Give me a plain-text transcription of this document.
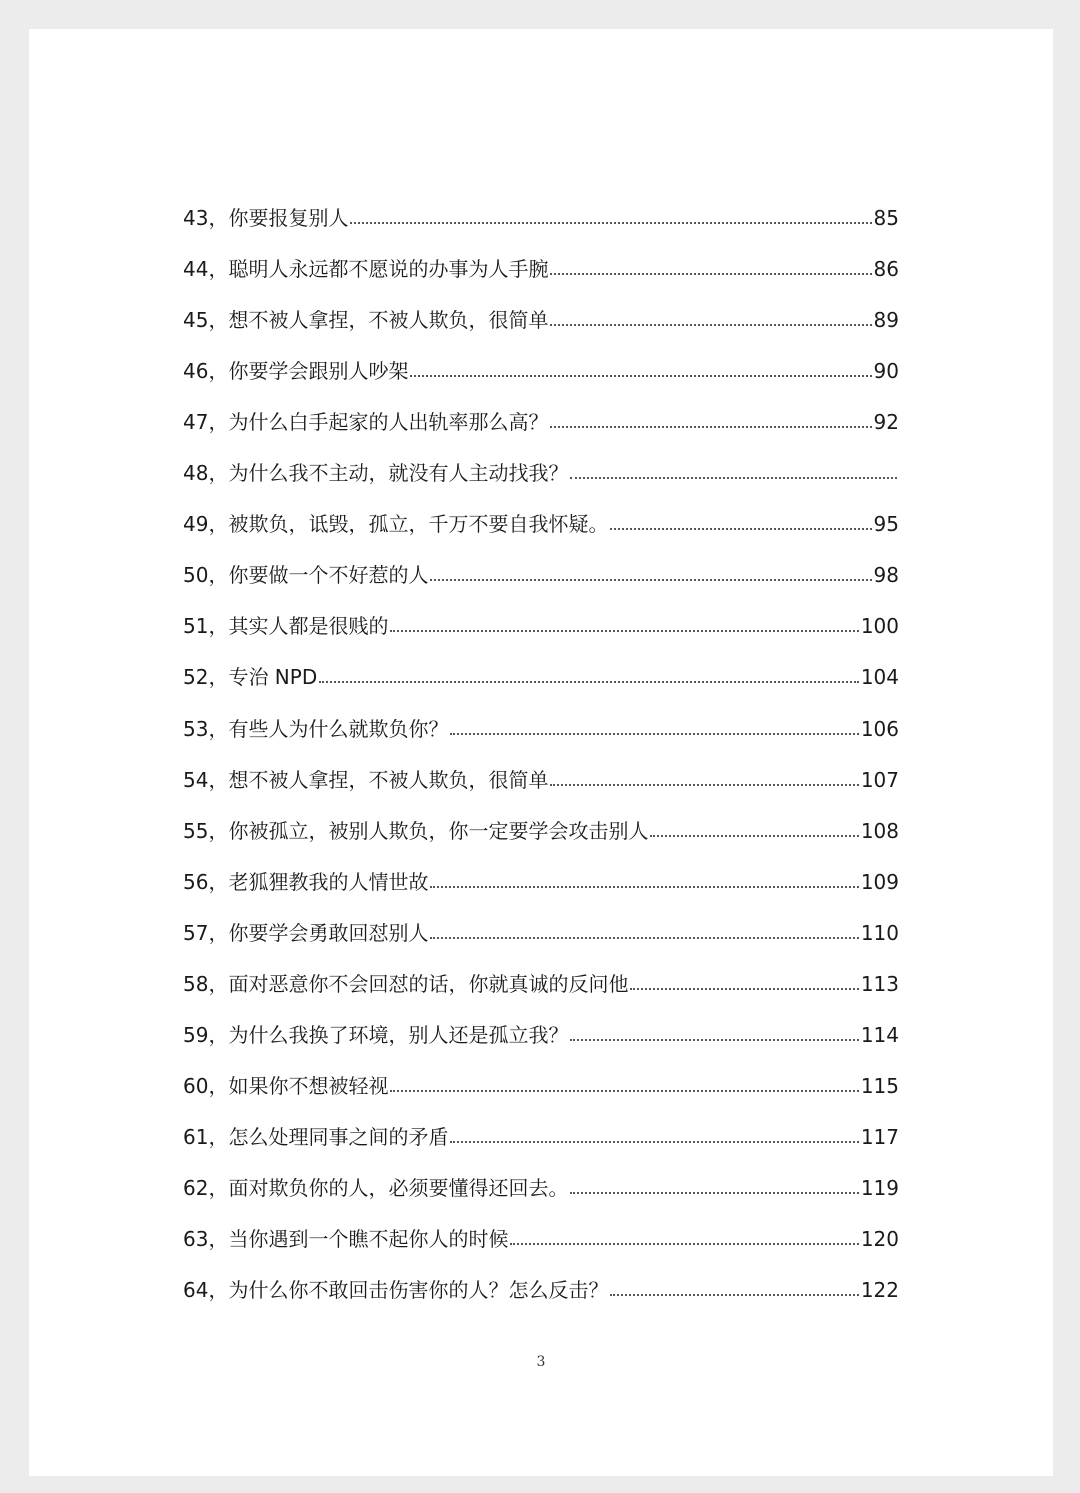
43， 你要报复别人	85
44， 聪明人永远都不愿说的办事为人手腕	86
45， 想不被人拿捏，不被人欺负，很简单	89
46， 你要学会跟别人吵架	90
47， 为什么白手起家的人出轨率那么高？	92
48， 为什么我不主动，就没有人主动找我？
49， 被欺负，诋毁，孤立，千万不要自我怀疑。	95
50， 你要做一个不好惹的人	98
51， 其实人都是很贱的	100
52， 专治 NPD	104
53， 有些人为什么就欺负你？	106
54， 想不被人拿捏，不被人欺负，很简单	107
55， 你被孤立，被别人欺负，你一定要学会攻击别人	108
56， 老狐狸教我的人情世故	109
57， 你要学会勇敢回怼别人	110
58， 面对恶意你不会回怼的话，你就真诚的反问他	113
59， 为什么我换了环境，别人还是孤立我？	114
60， 如果你不想被轻视	115
61， 怎么处理同事之间的矛盾	117
62， 面对欺负你的人，必须要懂得还回去。	119
63， 当你遇到一个瞧不起你人的时候	120
64， 为什么你不敢回击伤害你的人？怎么反击？	122
3
